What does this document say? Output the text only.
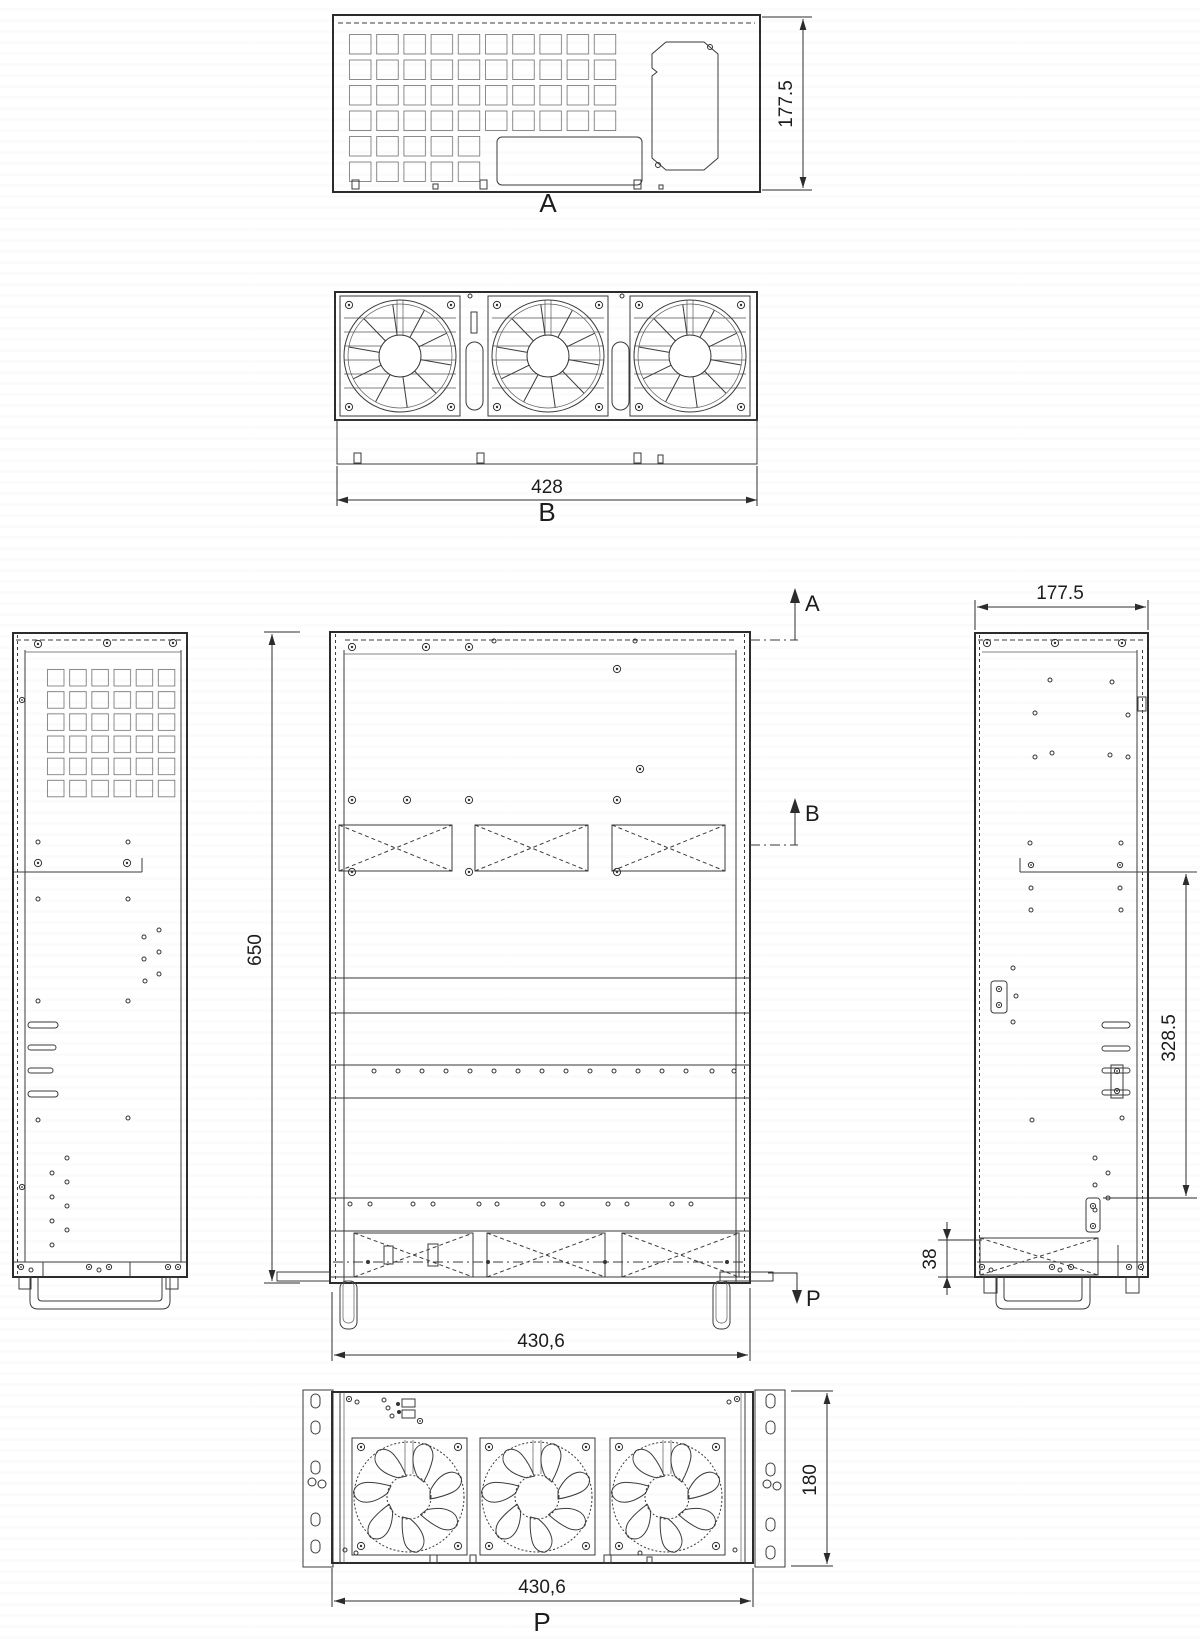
A
177.5
428
B
650
430,6
A
B
P
177.5
38
328.5
430,6
180
P
